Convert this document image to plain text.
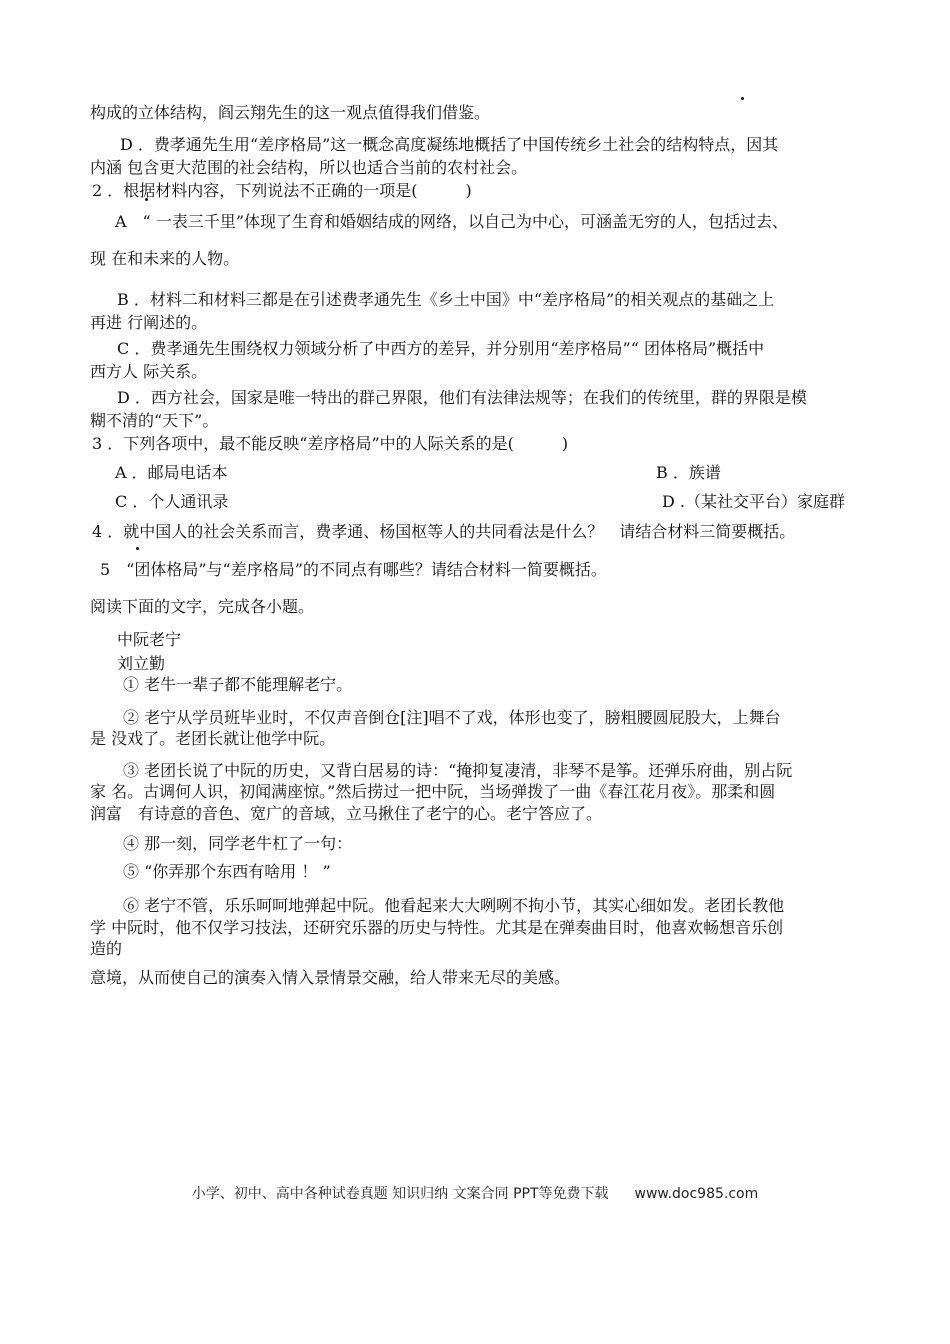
构成的立体结构，阎云翔先生的这一观点值得我们借鉴。
D ．费孝通先生用“差序格局”这一概念高度凝练地概括了中国传统乡土社会的结构特点，因其
内涵 包含更大范围的社会结构，所以也适合当前的农村社会。
2 ．根据材料内容，下列说法不正确的一项是(　　　)
A　“ 一表三千里”体现了生育和婚姻结成的网络，以自己为中心，可涵盖无穷的人，包括过去、
现 在和未来的人物。
B ．材料二和材料三都是在引述费孝通先生《乡土中国》中“差序格局”的相关观点的基础之上
再进 行阐述的。
C ．费孝通先生围绕权力领域分析了中西方的差异，并分别用“差序格局”“ 团体格局”概括中
西方人 际关系。
D ．西方社会，国家是唯一特出的群己界限，他们有法律法规等；在我们的传统里，群的界限是模
糊不清的“天下”。
3 ．下列各项中，最不能反映“差序格局”中的人际关系的是(　　　)
A ．邮局电话本	B ．族谱
C ．个人通讯录	D .（某社交平台）家庭群
4 ．就中国人的社会关系而言，费孝通、杨国枢等人的共同看法是什么？　请结合材料三简要概括。
5　“团体格局”与“差序格局”的不同点有哪些？请结合材料一简要概括。
阅读下面的文字，完成各小题。
中阮老宁
刘立勤
① 老牛一辈子都不能理解老宁。
② 老宁从学员班毕业时，不仅声音倒仓[注]唱不了戏，体形也变了，膀粗腰圆屁股大，上舞台
是 没戏了。老团长就让他学中阮。
③ 老团长说了中阮的历史，又背白居易的诗：“掩抑复凄清，非琴不是筝。还弹乐府曲，别占阮
家 名。古调何人识，初闻满座惊。”然后捞过一把中阮，当场弹拨了一曲《春江花月夜》。那柔和圆
润富　有诗意的音色、宽广的音域，立马揪住了老宁的心。老宁答应了。
④ 那一刻，同学老牛杠了一句：
⑤ “你弄那个东西有啥用 ！ ”
⑥ 老宁不管，乐乐呵呵地弹起中阮。他看起来大大咧咧不拘小节，其实心细如发。老团长教他
学 中阮时，他不仅学习技法，还研究乐器的历史与特性。尤其是在弹奏曲目时，他喜欢畅想音乐创
造的
意境，从而使自己的演奏入情入景情景交融，给人带来无尽的美感。
小学、初中、高中各种试卷真题 知识归纳 文案合同 PPT等免费下载 www.doc985.com
